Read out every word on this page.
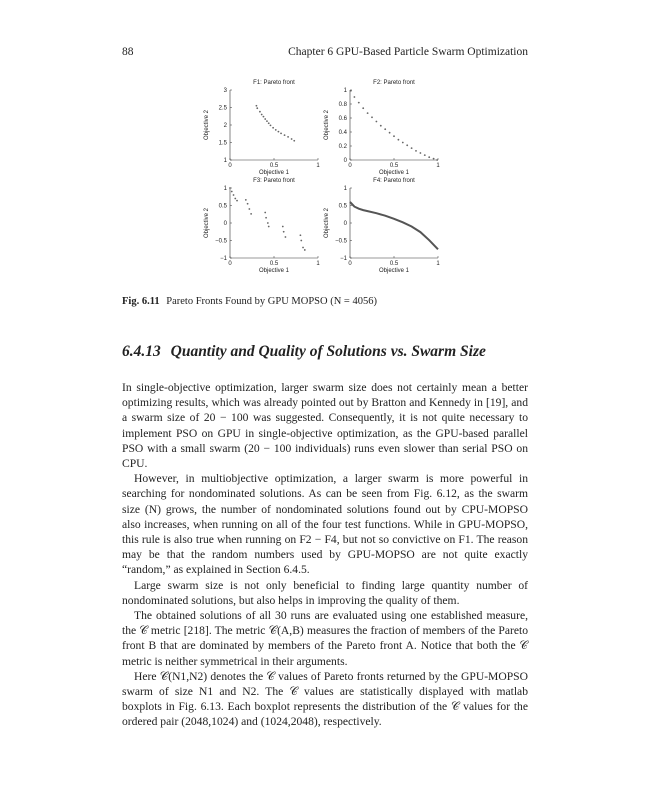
88	Chapter 6 GPU-Based Particle Swarm Optimization
F1: Pareto front
0	0.5	1
1
1.5
2
2.5
3
Objective 1
Objective 2
F2: Pareto front
0	0.5	1
0
0.2
0.4
0.6
0.8
1
Objective 1
Objective 2
F3: Pareto front
0	0.5	1
−1
−0.5
0
0.5
1
Objective 1
Objective 2
F4: Pareto front
0	0.5	1
−1
−0.5
0
0.5
1
Objective 1
Objective 2
Fig. 6.11 Pareto Fronts Found by GPU MOPSO (N = 4056)
6.4.13 Quantity and Quality of Solutions vs. Swarm Size

In single-objective optimization, larger swarm size does not certainly mean a better optimizing results, which was already pointed out by Bratton and Kennedy in [19], and a swarm size of 20 − 100 was suggested. Consequently, it is not quite necessary to implement PSO on GPU in single-objective optimization, as the GPU-based parallel PSO with a small swarm (20 − 100 individuals) runs even slower than serial PSO on CPU.

However, in multiobjective optimization, a larger swarm is more powerful in searching for nondominated solutions. As can be seen from Fig. 6.12, as the swarm size (N) grows, the number of nondominated solutions found out by CPU-MOPSO also increases, when running on all of the four test functions. While in GPU-MOPSO, this rule is also true when running on F2 − F4, but not so convictive on F1. The reason may be that the random numbers used by GPU-MOPSO are not quite exactly “random,” as explained in Section 6.4.5.

Large swarm size is not only beneficial to finding large quantity number of nondominated solutions, but also helps in improving the quality of them.

The obtained solutions of all 30 runs are evaluated using one established measure, the 𝒞 metric [218]. The metric 𝒞(A,B) measures the fraction of members of the Pareto front B that are dominated by members of the Pareto front A. Notice that both the 𝒞 metric is neither symmetrical in their arguments.

Here 𝒞(N1,N2) denotes the 𝒞 values of Pareto fronts returned by the GPU-MOPSO swarm of size N1 and N2. The 𝒞 values are statistically displayed with matlab boxplots in Fig. 6.13. Each boxplot represents the distribution of the 𝒞 values for the ordered pair (2048,1024) and (1024,2048), respectively.
